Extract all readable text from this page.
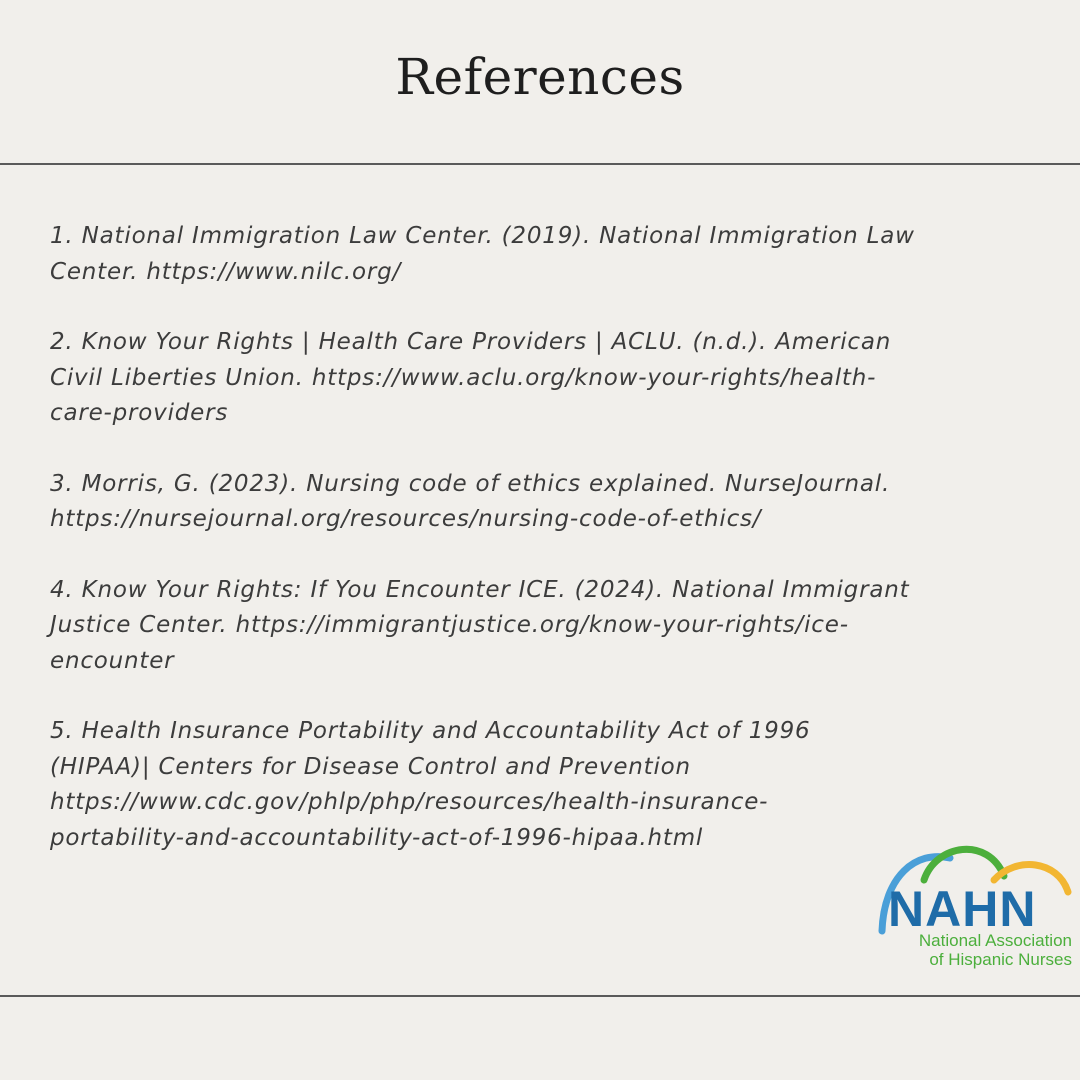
References
1. National Immigration Law Center. (2019). National Immigration Law
Center. https://www.nilc.org/
2. Know Your Rights | Health Care Providers | ACLU. (n.d.). American
Civil Liberties Union. https://www.aclu.org/know-your-rights/health-
care-providers
3. Morris, G. (2023). Nursing code of ethics explained. NurseJournal.
https://nursejournal.org/resources/nursing-code-of-ethics/
4. Know Your Rights: If You Encounter ICE. (2024). National Immigrant
Justice Center. https://immigrantjustice.org/know-your-rights/ice-
encounter
5. Health Insurance Portability and Accountability Act of 1996
(HIPAA)| Centers for Disease Control and Prevention
https://www.cdc.gov/phlp/php/resources/health-insurance-
portability-and-accountability-act-of-1996-hipaa.html
NAHN
National Association
of Hispanic Nurses
